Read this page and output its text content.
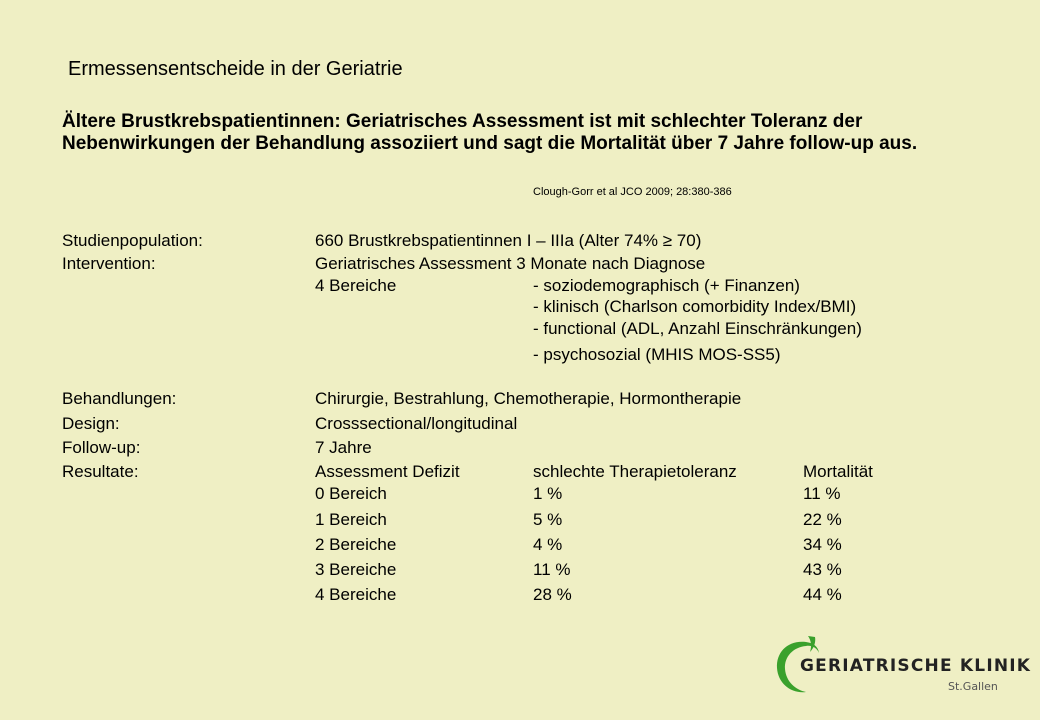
Ermessensentscheide in der Geriatrie
Ältere Brustkrebspatientinnen: Geriatrisches Assessment ist mit schlechter Toleranz der Nebenwirkungen der Behandlung assoziiert und sagt die Mortalität über 7 Jahre follow-up aus.
Clough-Gorr et al JCO 2009; 28:380-386
Studienpopulation:	660 Brustkrebspatientinnen I – IIIa (Alter 74% ≥ 70)
Intervention:	Geriatrisches Assessment 3 Monate nach Diagnose
4 Bereiche	- soziodemographisch (+ Finanzen)
- klinisch (Charlson comorbidity Index/BMI)
- functional (ADL, Anzahl Einschränkungen)
- psychosozial (MHIS MOS-SS5)
Behandlungen:	Chirurgie, Bestrahlung, Chemotherapie, Hormontherapie
Design:	Crosssectional/longitudinal
Follow-up:	7 Jahre
Resultate:	Assessment Defizit	schlechte Therapietoleranz	Mortalität
0 Bereich	1 %	11 %
1 Bereich	5 %	22 %
2 Bereiche	4 %	34 %
3 Bereiche	11 %	43 %
4 Bereiche	28 %	44 %
GERIATRISCHE KLINIK
St.Gallen
